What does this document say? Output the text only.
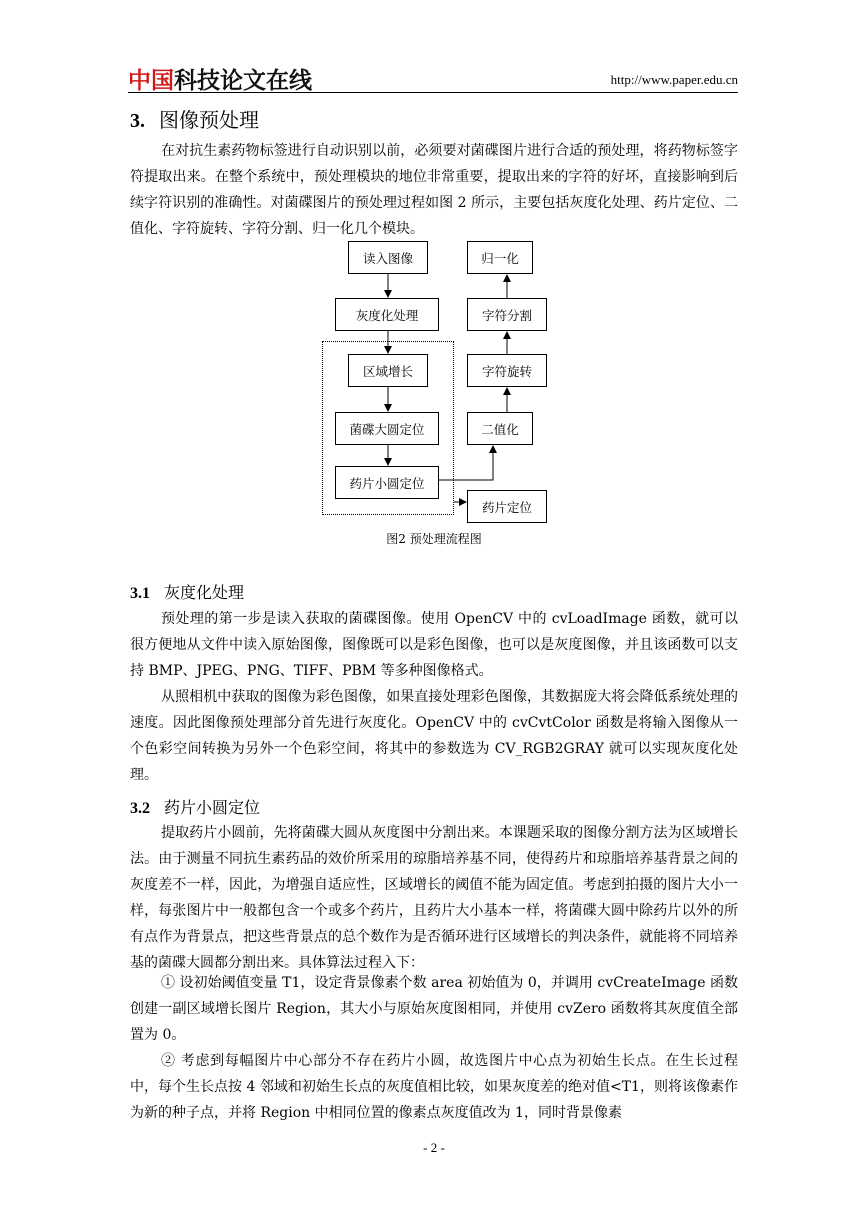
中国科技论文在线	http://www.paper.edu.cn
3. 图像预处理

在对抗生素药物标签进行自动识别以前，必须要对菌碟图片进行合适的预处理，将药物标签字符提取出来。在整个系统中，预处理模块的地位非常重要，提取出来的字符的好坏，直接影响到后续字符识别的准确性。对菌碟图片的预处理过程如图 2 所示，主要包括灰度化处理、药片定位、二值化、字符旋转、字符分割、归一化几个模块。

读入图像
灰度化处理
区域增长
菌碟大圆定位
药片小圆定位
归一化
字符分割
字符旋转
二值化
药片定位
图2 预处理流程图
3.1 灰度化处理

预处理的第一步是读入获取的菌碟图像。使用 OpenCV 中的 cvLoadImage 函数，就可以很方便地从文件中读入原始图像，图像既可以是彩色图像，也可以是灰度图像，并且该函数可以支持 BMP、JPEG、PNG、TIFF、PBM 等多种图像格式。

从照相机中获取的图像为彩色图像，如果直接处理彩色图像，其数据庞大将会降低系统处理的速度。因此图像预处理部分首先进行灰度化。OpenCV 中的 cvCvtColor 函数是将输入图像从一个色彩空间转换为另外一个色彩空间，将其中的参数选为 CV_RGB2GRAY 就可以实现灰度化处理。

3.2 药片小圆定位

提取药片小圆前，先将菌碟大圆从灰度图中分割出来。本课题采取的图像分割方法为区域增长法。由于测量不同抗生素药品的效价所采用的琼脂培养基不同，使得药片和琼脂培养基背景之间的灰度差不一样，因此，为增强自适应性，区域增长的阈值不能为固定值。考虑到拍摄的图片大小一样，每张图片中一般都包含一个或多个药片，且药片大小基本一样，将菌碟大圆中除药片以外的所有点作为背景点，把这些背景点的总个数作为是否循环进行区域增长的判决条件，就能将不同培养基的菌碟大圆都分割出来。具体算法过程入下：

① 设初始阈值变量 T1，设定背景像素个数 area 初始值为 0，并调用 cvCreateImage 函数创建一副区域增长图片 Region，其大小与原始灰度图相同，并使用 cvZero 函数将其灰度值全部置为 0。

② 考虑到每幅图片中心部分不存在药片小圆，故选图片中心点为初始生长点。在生长过程中，每个生长点按 4 邻域和初始生长点的灰度值相比较，如果灰度差的绝对值<T1，则将该像素作为新的种子点，并将 Region 中相同位置的像素点灰度值改为 1，同时背景像素

- 2 -
